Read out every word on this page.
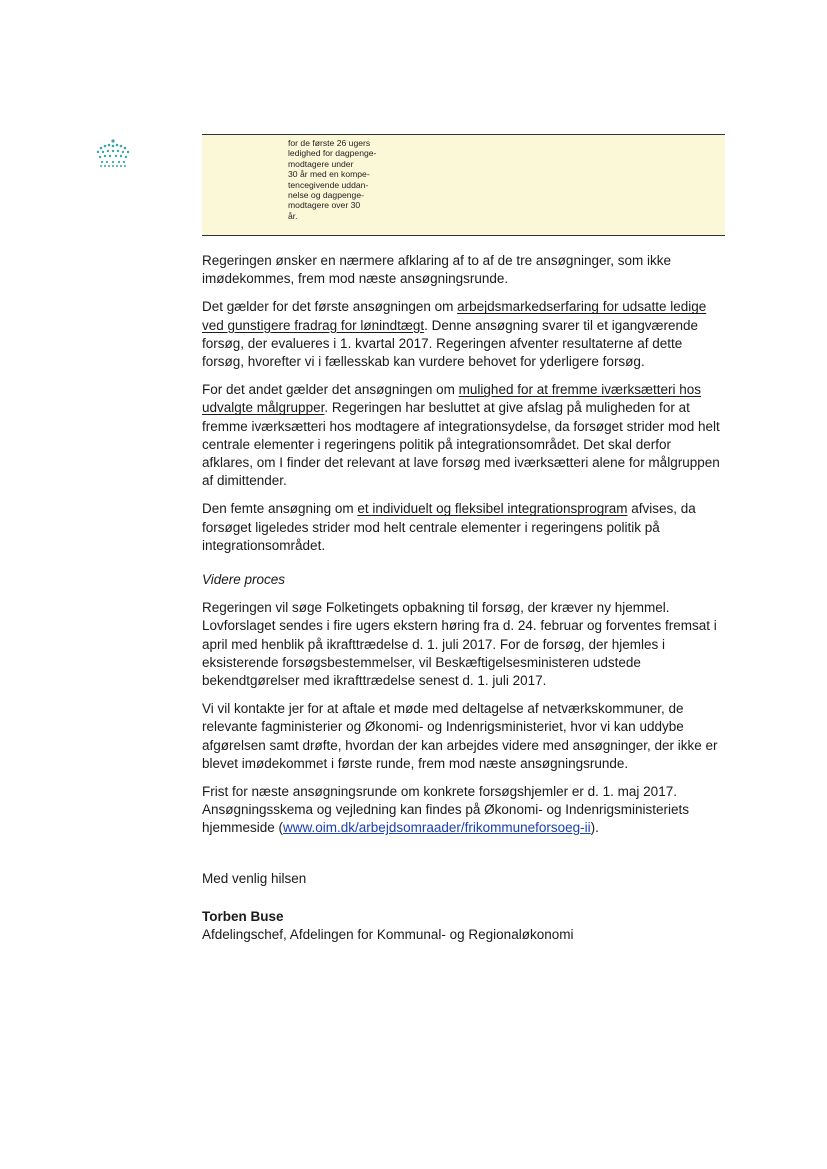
for de første 26 ugers
ledighed for dagpenge-
modtagere under
30 år med en kompe-
tencegivende uddan-
nelse og dagpenge-
modtagere over 30
år.

Regeringen ønsker en nærmere afklaring af to af de tre ansøgninger, som ikke imødekommes, frem mod næste ansøgningsrunde.

Det gælder for det første ansøgningen om arbejdsmarkedserfaring for udsatte ledige ved gunstigere fradrag for lønindtægt. Denne ansøgning svarer til et igangværende forsøg, der evalueres i 1. kvartal 2017. Regeringen afventer resultaterne af dette forsøg, hvorefter vi i fællesskab kan vurdere behovet for yderligere forsøg.

For det andet gælder det ansøgningen om mulighed for at fremme iværksætteri hos udvalgte målgrupper. Regeringen har besluttet at give afslag på muligheden for at fremme iværksætteri hos modtagere af integrationsydelse, da forsøget strider mod helt centrale elementer i regeringens politik på integrationsområdet. Det skal derfor afklares, om I finder det relevant at lave forsøg med iværksætteri alene for målgruppen af dimittender.

Den femte ansøgning om et individuelt og fleksibel integrationsprogram afvises, da forsøget ligeledes strider mod helt centrale elementer i regeringens politik på integrationsområdet.

Videre proces

Regeringen vil søge Folketingets opbakning til forsøg, der kræver ny hjemmel. Lovforslaget sendes i fire ugers ekstern høring fra d. 24. februar og forventes fremsat i april med henblik på ikrafttrædelse d. 1. juli 2017. For de forsøg, der hjemles i eksisterende forsøgsbestemmelser, vil Beskæftigelsesministeren udstede bekendtgørelser med ikrafttrædelse senest d. 1. juli 2017.

Vi vil kontakte jer for at aftale et møde med deltagelse af netværkskommuner, de relevante fagministerier og Økonomi- og Indenrigsministeriet, hvor vi kan uddybe afgørelsen samt drøfte, hvordan der kan arbejdes videre med ansøgninger, der ikke er blevet imødekommet i første runde, frem mod næste ansøgningsrunde.

Frist for næste ansøgningsrunde om konkrete forsøgshjemler er d. 1. maj 2017. Ansøgningsskema og vejledning kan findes på Økonomi- og Indenrigsministeriets hjemmeside (www.oim.dk/arbejdsomraader/frikommuneforsoeg-ii).

Med venlig hilsen

Torben Buse

Afdelingschef, Afdelingen for Kommunal- og Regionaløkonomi
